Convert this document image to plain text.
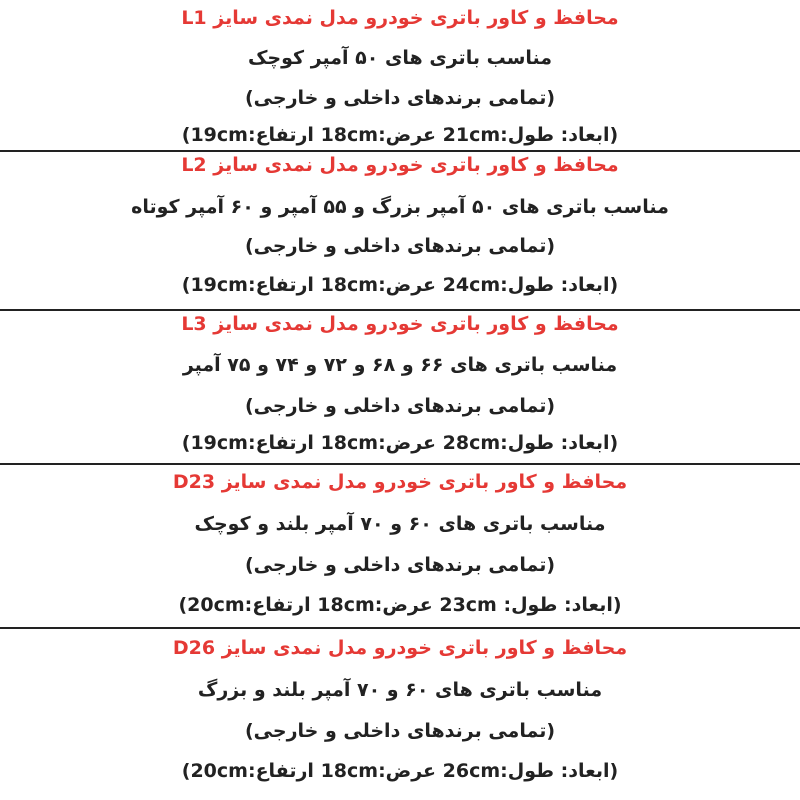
محافظ و کاور باتری خودرو مدل نمدی سایز L1
مناسب باتری های ۵۰ آمپر کوچک
(تمامی برندهای داخلی و خارجی)
(ابعاد: طول:21cm عرض:18cm ارتفاع:19cm)
محافظ و کاور باتری خودرو مدل نمدی سایز L2
مناسب باتری های ۵۰ آمپر بزرگ و ۵۵ آمپر و ۶۰ آمپر کوتاه
(تمامی برندهای داخلی و خارجی)
(ابعاد: طول:24cm عرض:18cm ارتفاع:19cm)
محافظ و کاور باتری خودرو مدل نمدی سایز L3
مناسب باتری های ۶۶ و ۶۸ و ۷۲ و ۷۴ و ۷۵ آمپر
(تمامی برندهای داخلی و خارجی)
(ابعاد: طول:28cm عرض:18cm ارتفاع:19cm)
محافظ و کاور باتری خودرو مدل نمدی سایز D23
مناسب باتری های ۶۰ و ۷۰ آمپر بلند و کوچک
(تمامی برندهای داخلی و خارجی)
(ابعاد: طول: 23cm عرض:18cm ارتفاع:20cm)
محافظ و کاور باتری خودرو مدل نمدی سایز D26
مناسب باتری های ۶۰ و ۷۰ آمپر بلند و بزرگ
(تمامی برندهای داخلی و خارجی)
(ابعاد: طول:26cm عرض:18cm ارتفاع:20cm)
